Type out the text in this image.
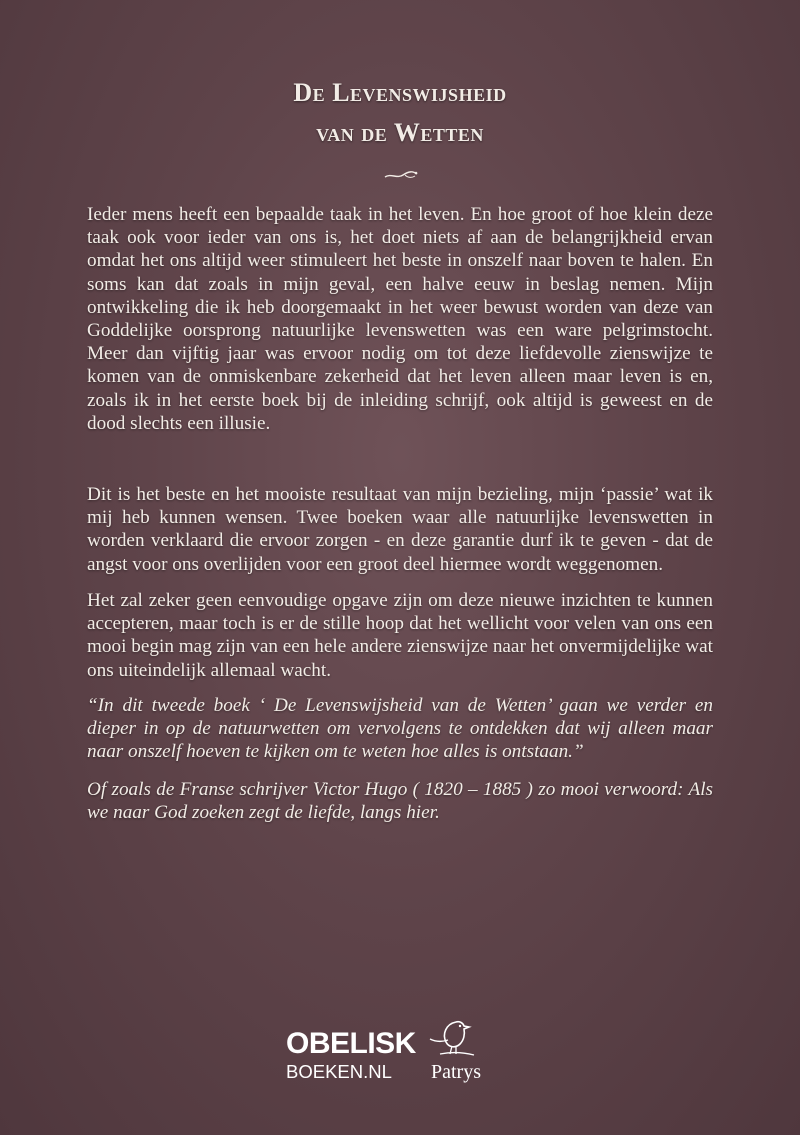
De Levenswijsheid
van de Wetten
Ieder mens heeft een bepaalde taak in het leven. En hoe groot of hoe klein deze taak ook voor ieder van ons is, het doet niets af aan de belangrijkheid ervan omdat het ons altijd weer stimuleert het beste in onszelf naar boven te halen. En soms kan dat zoals in mijn geval, een halve eeuw in beslag nemen. Mijn ontwikkeling die ik heb doorgemaakt in het weer bewust worden van deze van Goddelijke oorsprong natuurlijke levenswetten was een ware pelgrimstocht. Meer dan vijftig jaar was ervoor nodig om tot deze liefdevolle zienswijze te komen van de onmiskenbare zekerheid dat het leven alleen maar leven is en, zoals ik in het eerste boek bij de inleiding schrijf, ook altijd is geweest en de dood slechts een illusie.
Dit is het beste en het mooiste resultaat van mijn bezieling, mijn ‘passie’ wat ik mij heb kunnen wensen. Twee boeken waar alle natuurlijke levenswetten in worden verklaard die ervoor zorgen - en deze garantie durf ik te geven - dat de angst voor ons overlijden voor een groot deel hiermee wordt weggenomen.
Het zal zeker geen eenvoudige opgave zijn om deze nieuwe inzichten te kunnen accepteren, maar toch is er de stille hoop dat het wellicht voor velen van ons een mooi begin mag zijn van een hele andere zienswijze naar het onvermijdelijke wat ons uiteindelijk allemaal wacht.
“In dit tweede boek ‘ De Levenswijsheid van de Wetten’ gaan we verder en dieper in op de natuurwetten om vervolgens te ontdekken dat wij alleen maar naar onszelf hoeven te kijken om te weten hoe alles is ontstaan.”
Of zoals de Franse schrijver Victor Hugo ( 1820 – 1885 ) zo mooi verwoord: Als we naar God zoeken zegt de liefde, langs hier.
OBELISK
BOEKEN.NL	Patrys
